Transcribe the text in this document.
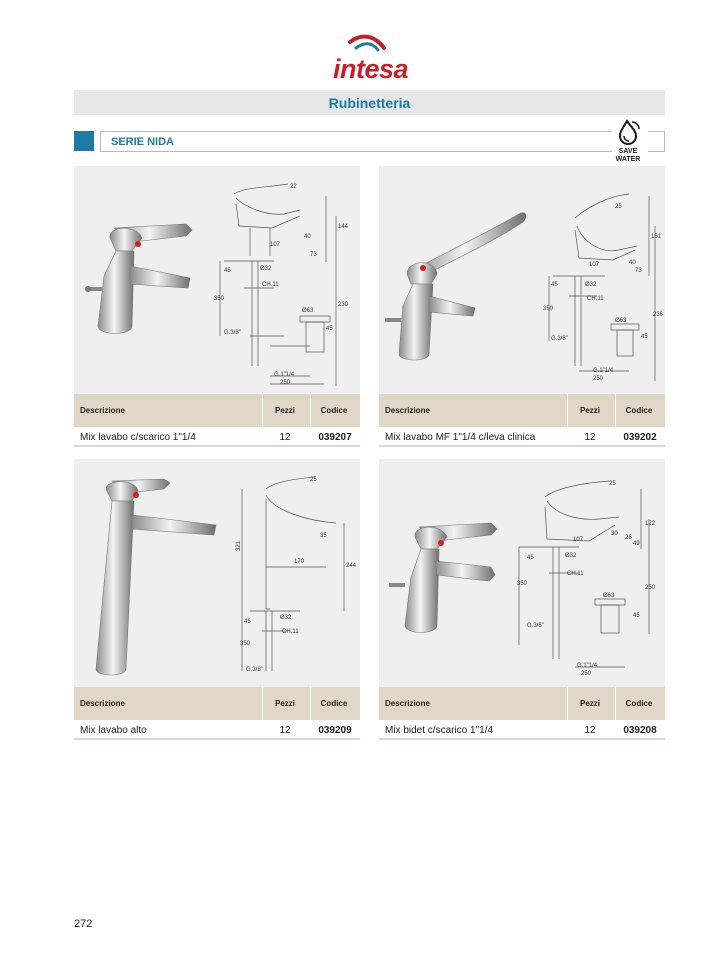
intesa
Rubinetteria
SERIE NIDA
SAVE
WATER
22
144
40
107
73
45	Ø32
CH.11
350
230
Ø63
45
G.3/8"
G.1"1/4
250
Descrizione	Pezzi	Codice
Mix lavabo c/scarico 1"1/4	12	039207
25
151
40
107
73
45	Ø32
CH.11
350
236
Ø63
45
G.3/8"
G.1"1/4
250
Descrizione	Pezzi	Codice
Mix lavabo MF 1"1/4 c/leva clinica	12	039202
25
35
321
170
244
45
Ø32
CH.11
350
G.3/8"
Descrizione	Pezzi	Codice
Mix lavabo alto	12	039209
25
122
30
107	26
49
45	Ø32
CH.11
350
250
Ø63
45
G.3/8"
G.1"1/4
250
Descrizione	Pezzi	Codice
Mix bidet c/scarico 1"1/4	12	039208
272
